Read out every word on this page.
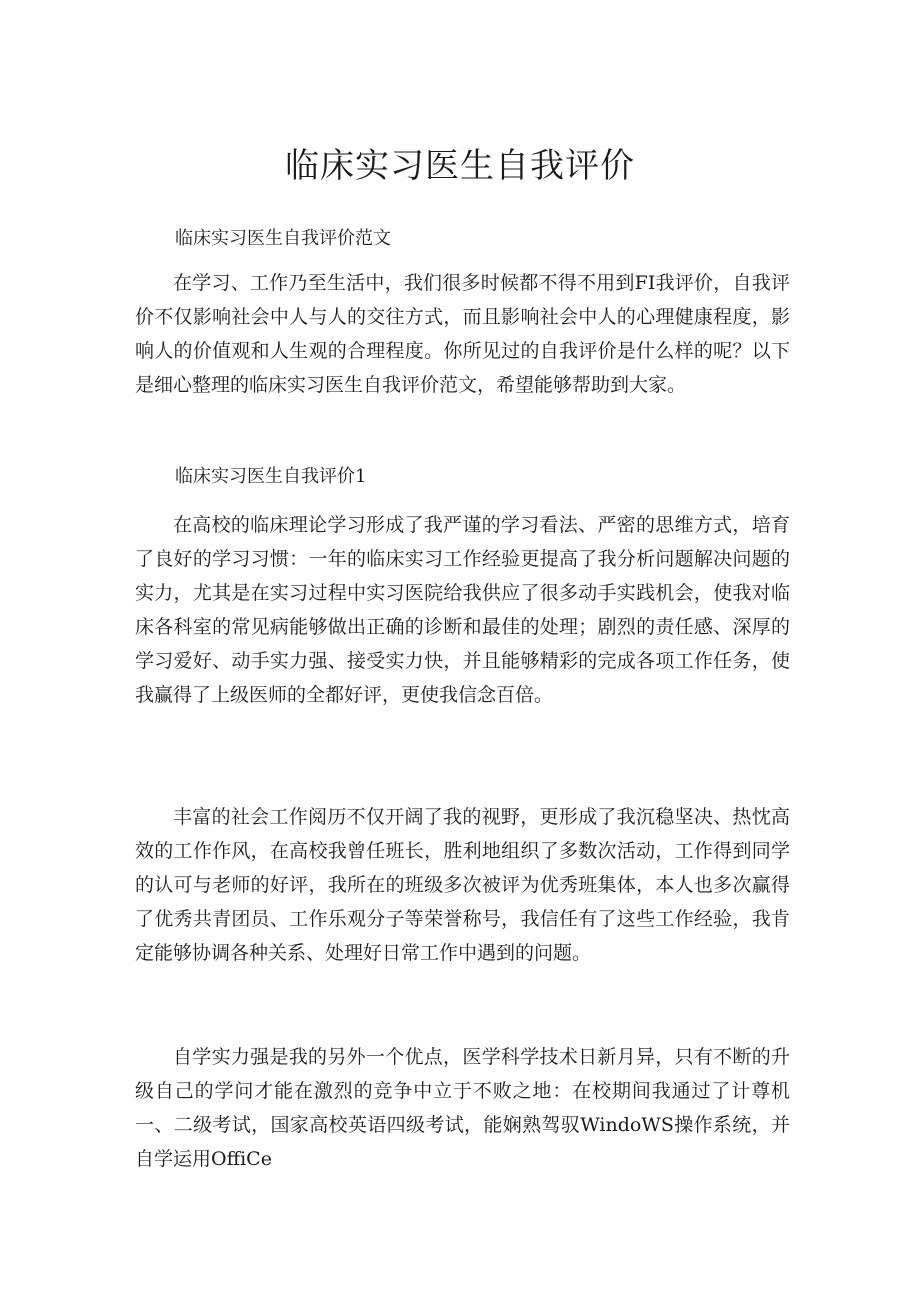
临床实习医生自我评价

临床实习医生自我评价范文

在学习、工作乃至生活中，我们很多时候都不得不用到FI我评价，自我评价不仅影响社会中人与人的交往方式，而且影响社会中人的心理健康程度，影响人的价值观和人生观的合理程度。你所见过的自我评价是什么样的呢？以下是细心整理的临床实习医生自我评价范文，希望能够帮助到大家。

临床实习医生自我评价1

在高校的临床理论学习形成了我严谨的学习看法、严密的思维方式，培育了良好的学习习惯：一年的临床实习工作经验更提高了我分析问题解决问题的实力，尤其是在实习过程中实习医院给我供应了很多动手实践机会，使我对临床各科室的常见病能够做出正确的诊断和最佳的处理；剧烈的责任感、深厚的学习爱好、动手实力强、接受实力快，并且能够精彩的完成各项工作任务，使我赢得了上级医师的全都好评，更使我信念百倍。

丰富的社会工作阅历不仅开阔了我的视野，更形成了我沉稳坚决、热忱高效的工作作风，在高校我曾任班长，胜利地组织了多数次活动，工作得到同学的认可与老师的好评，我所在的班级多次被评为优秀班集体，本人也多次赢得了优秀共青团员、工作乐观分子等荣誉称号，我信任有了这些工作经验，我肯定能够协调各种关系、处理好日常工作中遇到的问题。

自学实力强是我的另外一个优点，医学科学技术日新月异，只有不断的升级自己的学问才能在激烈的竞争中立于不败之地：在校期间我通过了计尊机一、二级考试，国家高校英语四级考试，能娴熟驾驭WindoWS操作系统，并自学运用OffiCe
